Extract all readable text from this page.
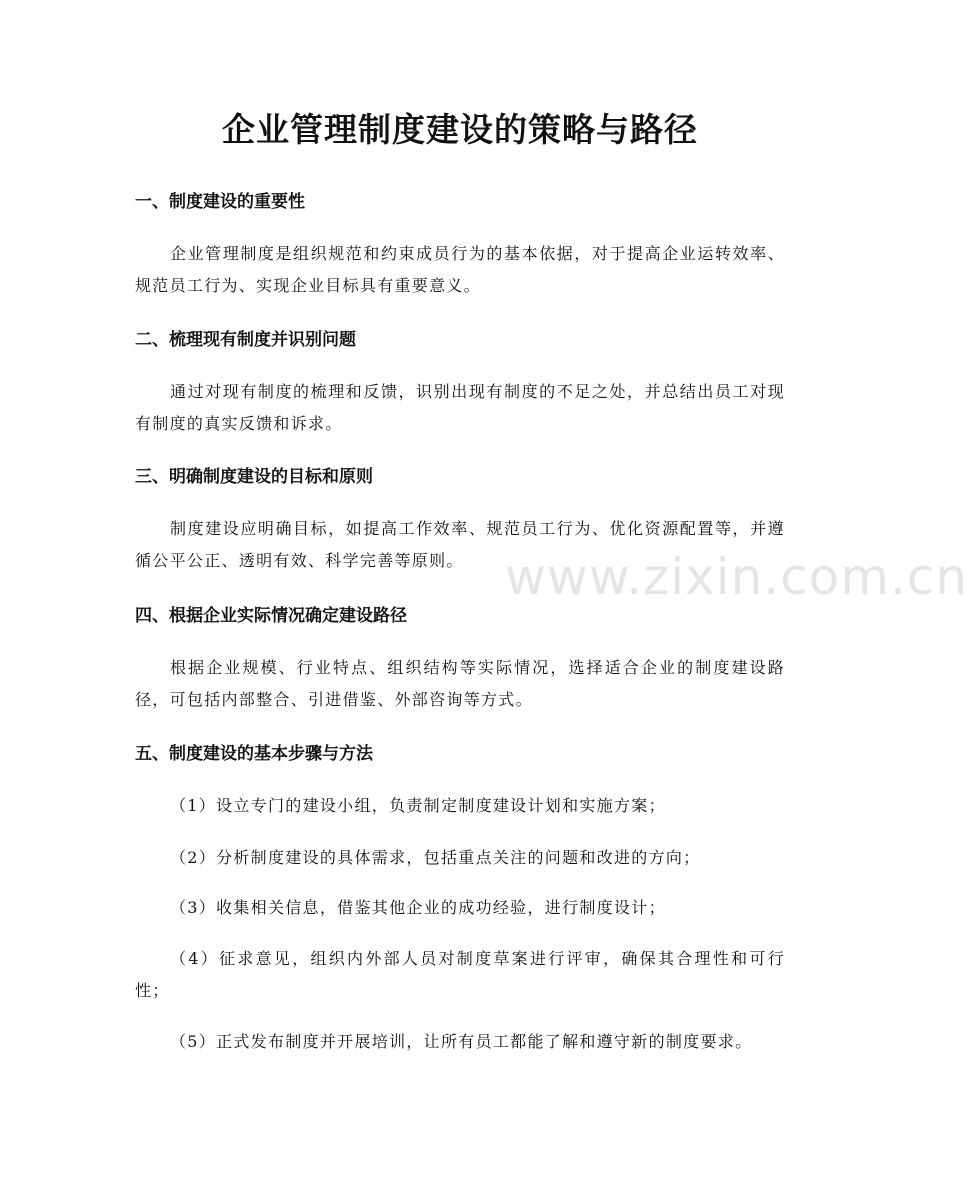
企业管理制度建设的策略与路径
一、制度建设的重要性

企业管理制度是组织规范和约束成员行为的基本依据，对于提高企业运转效率、规范员工行为、实现企业目标具有重要意义。

二、梳理现有制度并识别问题

通过对现有制度的梳理和反馈，识别出现有制度的不足之处，并总结出员工对现有制度的真实反馈和诉求。

三、明确制度建设的目标和原则

制度建设应明确目标，如提高工作效率、规范员工行为、优化资源配置等，并遵循公平公正、透明有效、科学完善等原则。

四、根据企业实际情况确定建设路径

根据企业规模、行业特点、组织结构等实际情况，选择适合企业的制度建设路径，可包括内部整合、引进借鉴、外部咨询等方式。

五、制度建设的基本步骤与方法

（1）设立专门的建设小组，负责制定制度建设计划和实施方案；

（2）分析制度建设的具体需求，包括重点关注的问题和改进的方向；

（3）收集相关信息，借鉴其他企业的成功经验，进行制度设计；

（4）征求意见，组织内外部人员对制度草案进行评审，确保其合理性和可行性；

（5）正式发布制度并开展培训，让所有员工都能了解和遵守新的制度要求。

www.zixin.com.cn
